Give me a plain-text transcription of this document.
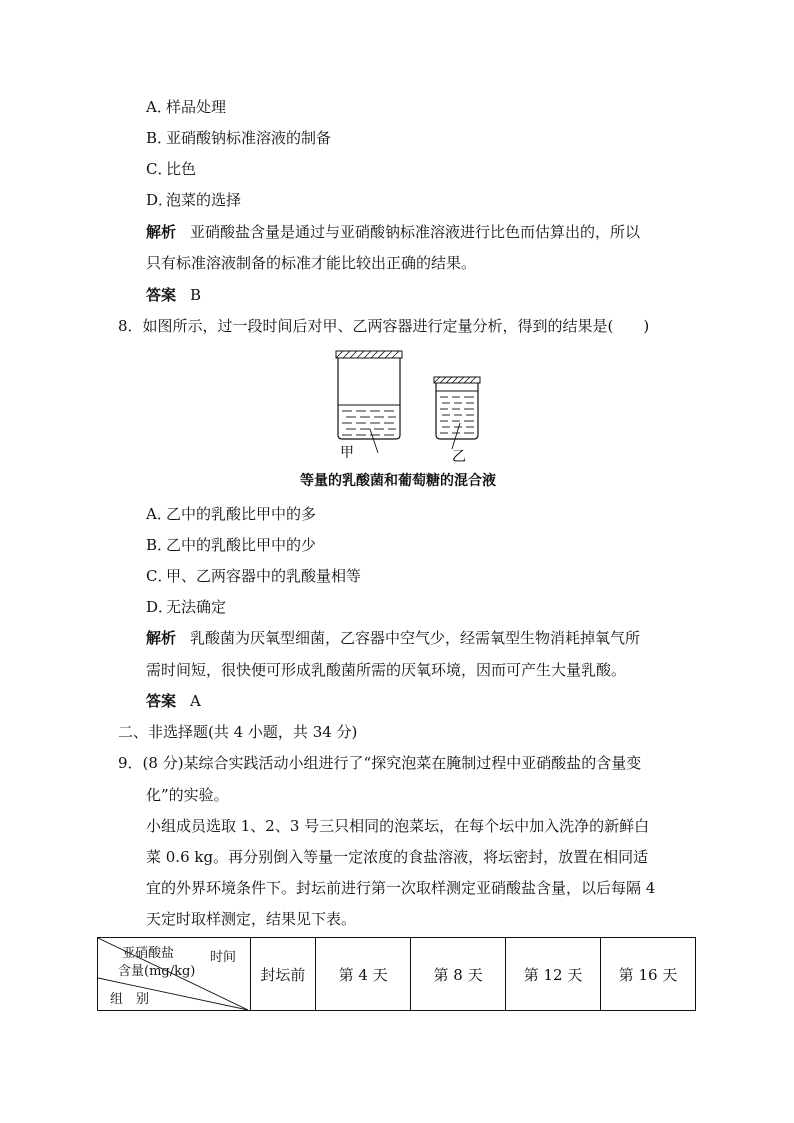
A．样品处理
B．亚硝酸钠标准溶液的制备
C．比色
D．泡菜的选择
解析 亚硝酸盐含量是通过与亚硝酸钠标准溶液进行比色而估算出的，所以
只有标准溶液制备的标准才能比较出正确的结果。
答案 B
8．如图所示，过一段时间后对甲、乙两容器进行定量分析，得到的结果是(　　)
甲	乙
等量的乳酸菌和葡萄糖的混合液
A．乙中的乳酸比甲中的多
B．乙中的乳酸比甲中的少
C．甲、乙两容器中的乳酸量相等
D．无法确定
解析 乳酸菌为厌氧型细菌，乙容器中空气少，经需氧型生物消耗掉氧气所
需时间短，很快便可形成乳酸菌所需的厌氧环境，因而可产生大量乳酸。
答案 A
二、非选择题(共 4 小题，共 34 分)
9．(8 分)某综合实践活动小组进行了“探究泡菜在腌制过程中亚硝酸盐的含量变
化”的实验。
小组成员选取 1、2、3 号三只相同的泡菜坛，在每个坛中加入洗净的新鲜白
菜 0.6 kg。再分别倒入等量一定浓度的食盐溶液，将坛密封，放置在相同适
宜的外界环境条件下。封坛前进行第一次取样测定亚硝酸盐含量，以后每隔 4
天定时取样测定，结果见下表。
亚硝酸盐
含量(mg/kg)
时间
组　别
	封坛前	第 4 天	第 8 天	第 12 天	第 16 天
